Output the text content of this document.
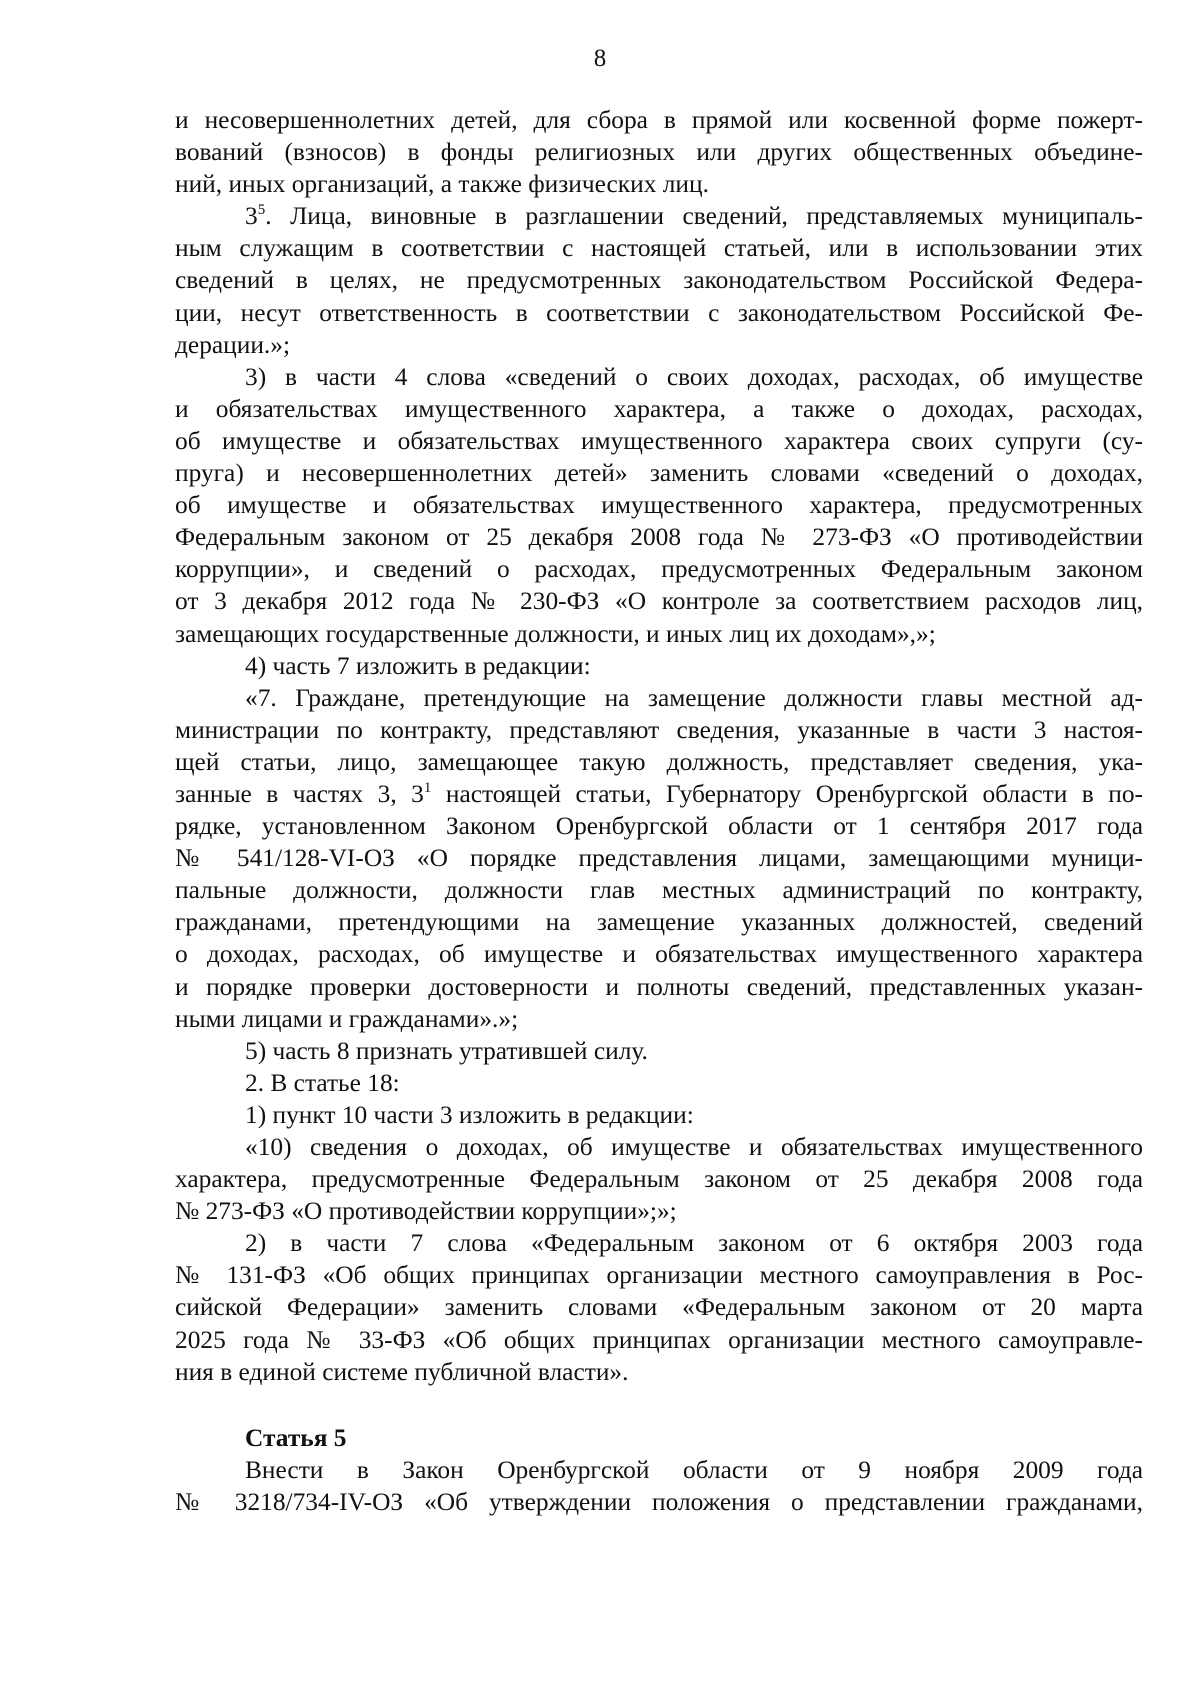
8
и несовершеннолетних детей, для сбора в прямой или косвенной форме пожерт-
вований (взносов) в фонды религиозных или других общественных объедине-
ний, иных организаций, а также физических лиц.
$3^5$. Лица, виновные в разглашении сведений, представляемых муниципаль-
ным служащим в соответствии с настоящей статьей, или в использовании этих
сведений в целях, не предусмотренных законодательством Российской Федера-
ции, несут ответственность в соответствии с законодательством Российской Фе-
дерации.»;
3) в части 4 слова «сведений о своих доходах, расходах, об имуществе
и обязательствах имущественного характера, а также о доходах, расходах,
об имуществе и обязательствах имущественного характера своих супруги (су-
пруга) и несовершеннолетних детей» заменить словами «сведений о доходах,
об имуществе и обязательствах имущественного характера, предусмотренных
Федеральным законом от 25 декабря 2008 года № 273-ФЗ «О противодействии
коррупции», и сведений о расходах, предусмотренных Федеральным законом
от 3 декабря 2012 года № 230-ФЗ «О контроле за соответствием расходов лиц,
замещающих государственные должности, и иных лиц их доходам»,»;
4) часть 7 изложить в редакции:
«7. Граждане, претендующие на замещение должности главы местной ад-
министрации по контракту, представляют сведения, указанные в части 3 настоя-
щей статьи, лицо, замещающее такую должность, представляет сведения, ука-
занные в частях 3, $3^1$ настоящей статьи, Губернатору Оренбургской области в по-
рядке, установленном Законом Оренбургской области от 1 сентября 2017 года
№ 541/128-VI-ОЗ «О порядке представления лицами, замещающими муници-
пальные должности, должности глав местных администраций по контракту,
гражданами, претендующими на замещение указанных должностей, сведений
о доходах, расходах, об имуществе и обязательствах имущественного характера
и порядке проверки достоверности и полноты сведений, представленных указан-
ными лицами и гражданами».»;
5) часть 8 признать утратившей силу.
2. В статье 18:
1) пункт 10 части 3 изложить в редакции:
«10) сведения о доходах, об имуществе и обязательствах имущественного
характера, предусмотренные Федеральным законом от 25 декабря 2008 года
№ 273-ФЗ «О противодействии коррупции»;»;
2) в части 7 слова «Федеральным законом от 6 октября 2003 года
№ 131-ФЗ «Об общих принципах организации местного самоуправления в Рос-
сийской Федерации» заменить словами «Федеральным законом от 20 марта
2025 года № 33-ФЗ «Об общих принципах организации местного самоуправле-
ния в единой системе публичной власти».
Статья 5
Внести в Закон Оренбургской области от 9 ноября 2009 года
№ 3218/734-IV-ОЗ «Об утверждении положения о представлении гражданами,
